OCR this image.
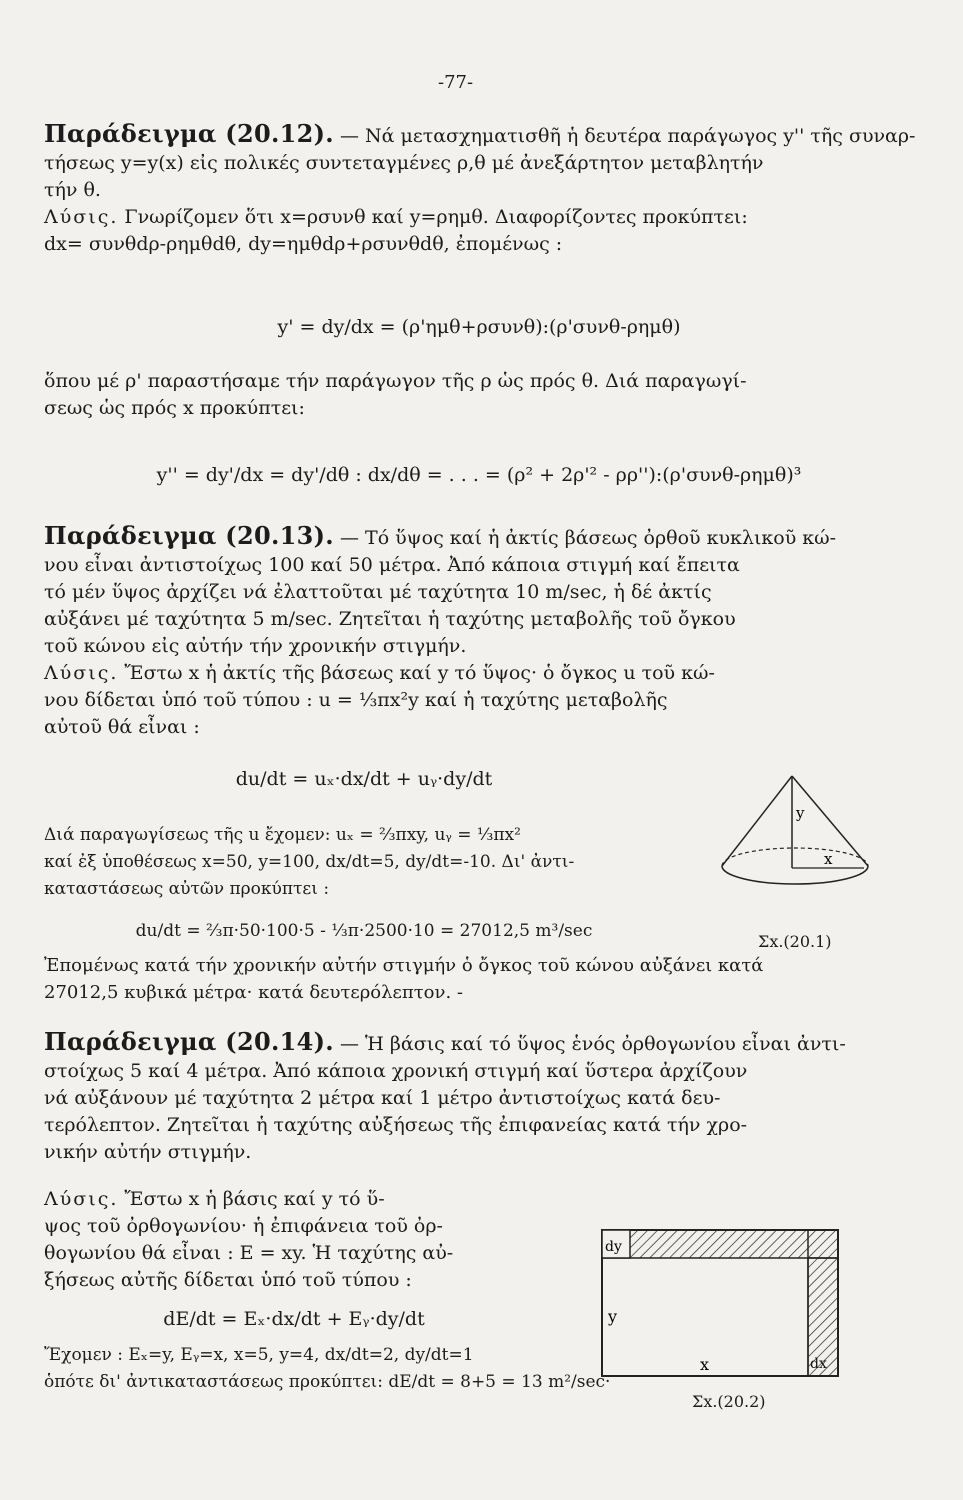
-77-
Παράδειγμα (20.12). — Νά μετασχηματισθῆ ἡ δευτέρα παράγωγος y'' τῆς συναρ-
τήσεως y=y(x) εἰς πολικές συντεταγμένες ρ,θ μέ ἀνεξάρτητον μεταβλητήν
τήν θ.
Λύσις. Γνωρίζομεν ὅτι x=ρσυνθ καί y=ρημθ. Διαφορίζοντες προκύπτει:
dx= συνθdρ-ρημθdθ, dy=ημθdρ+ρσυνθdθ, ἐπομένως :
y' = dy/dx = (ρ'ημθ+ρσυνθ):(ρ'συνθ-ρημθ)
ὅπου μέ ρ' παραστήσαμε τήν παράγωγον τῆς ρ ὡς πρός θ. Διά παραγωγί-
σεως ὡς πρός x προκύπτει:
y'' = dy'/dx = dy'/dθ : dx/dθ = . . . = (ρ² + 2ρ'² - ρρ''):(ρ'συνθ-ρημθ)³
Παράδειγμα (20.13). — Τό ὕψος καί ἡ ἀκτίς βάσεως ὀρθοῦ κυκλικοῦ κώ-
νου εἶναι ἀντιστοίχως 100 καί 50 μέτρα. Ἀπό κάποια στιγμή καί ἔπειτα
τό μέν ὕψος ἀρχίζει νά ἐλαττοῦται μέ ταχύτητα 10 m/sec, ἡ δέ ἀκτίς
αὐξάνει μέ ταχύτητα 5 m/sec. Ζητεῖται ἡ ταχύτης μεταβολῆς τοῦ ὄγκου
τοῦ κώνου εἰς αὐτήν τήν χρονικήν στιγμήν.
Λύσις. Ἔστω x ἡ ἀκτίς τῆς βάσεως καί y τό ὕψος· ὁ ὄγκος u τοῦ κώ-
νου δίδεται ὑπό τοῦ τύπου : u = ⅓πx²y καί ἡ ταχύτης μεταβολῆς
αὐτοῦ θά εἶναι :
du/dt = uₓ·dx/dt + uᵧ·dy/dt
Διά παραγωγίσεως τῆς u ἔχομεν: uₓ = ⅔πxy, uᵧ = ⅓πx²
καί ἐξ ὑποθέσεως x=50, y=100, dx/dt=5, dy/dt=-10. Δι' ἀντι-
καταστάσεως αὐτῶν προκύπτει :
du/dt = ⅔π·50·100·5 - ⅓π·2500·10 = 27012,5 m³/sec
Ἐπομένως κατά τήν χρονικήν αὐτήν στιγμήν ὁ ὄγκος τοῦ κώνου αὐξάνει κατά
27012,5 κυβικά μέτρα· κατά δευτερόλεπτον. -
y
x
Σx.(20.1)
Παράδειγμα (20.14). — Ἡ βάσις καί τό ὕψος ἑνός ὀρθογωνίου εἶναι ἀντι-
στοίχως 5 καί 4 μέτρα. Ἀπό κάποια χρονική στιγμή καί ὕστερα ἀρχίζουν
νά αὐξάνουν μέ ταχύτητα 2 μέτρα καί 1 μέτρο ἀντιστοίχως κατά δευ-
τερόλεπτον. Ζητεῖται ἡ ταχύτης αὐξήσεως τῆς ἐπιφανείας κατά τήν χρο-
νικήν αὐτήν στιγμήν.
Λύσις. Ἔστω x ἡ βάσις καί y τό ὕ-
ψος τοῦ ὀρθογωνίου· ἡ ἐπιφάνεια τοῦ ὀρ-
θογωνίου θά εἶναι : E = xy. Ἡ ταχύτης αὐ-
ξήσεως αὐτῆς δίδεται ὑπό τοῦ τύπου :
dE/dt = Eₓ·dx/dt + Eᵧ·dy/dt
Ἔχομεν : Eₓ=y, Eᵧ=x, x=5, y=4, dx/dt=2, dy/dt=1
ὁπότε δι' ἀντικαταστάσεως προκύπτει: dE/dt = 8+5 = 13 m²/sec·
dy
y
x	dx
Σx.(20.2)
